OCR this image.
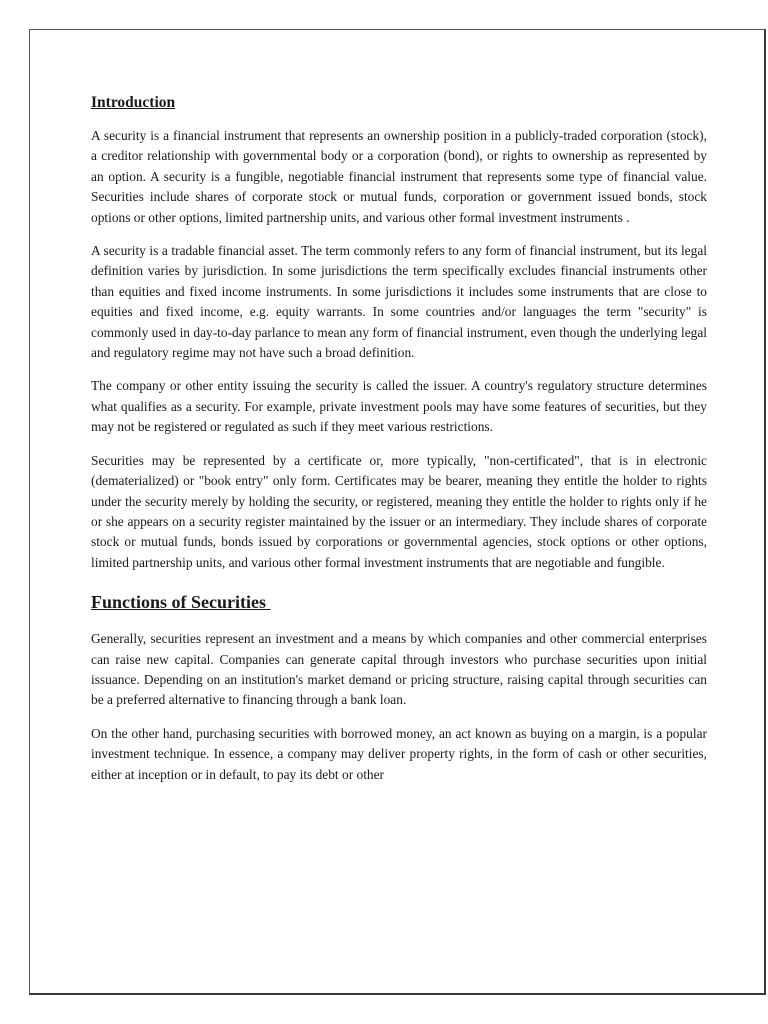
Introduction

A security is a financial instrument that represents an ownership position in a publicly-traded corporation (stock), a creditor relationship with governmental body or a corporation (bond), or rights to ownership as represented by an option. A security is a fungible, negotiable financial instrument that represents some type of financial value. Securities include shares of corporate stock or mutual funds, corporation or government issued bonds, stock options or other options, limited partnership units, and various other formal investment instruments .

A security is a tradable financial asset. The term commonly refers to any form of financial instrument, but its legal definition varies by jurisdiction. In some jurisdictions the term specifically excludes financial instruments other than equities and fixed income instruments. In some jurisdictions it includes some instruments that are close to equities and fixed income, e.g. equity warrants. In some countries and/or languages the term "security" is commonly used in day-to-day parlance to mean any form of financial instrument, even though the underlying legal and regulatory regime may not have such a broad definition.

The company or other entity issuing the security is called the issuer. A country's regulatory structure determines what qualifies as a security. For example, private investment pools may have some features of securities, but they may not be registered or regulated as such if they meet various restrictions.

Securities may be represented by a certificate or, more typically, "non-certificated", that is in electronic (dematerialized) or "book entry" only form. Certificates may be bearer, meaning they entitle the holder to rights under the security merely by holding the security, or registered, meaning they entitle the holder to rights only if he or she appears on a security register maintained by the issuer or an intermediary. They include shares of corporate stock or mutual funds, bonds issued by corporations or governmental agencies, stock options or other options, limited partnership units, and various other formal investment instruments that are negotiable and fungible.

Functions of Securities

Generally, securities represent an investment and a means by which companies and other commercial enterprises can raise new capital. Companies can generate capital through investors who purchase securities upon initial issuance. Depending on an institution's market demand or pricing structure, raising capital through securities can be a preferred alternative to financing through a bank loan.

On the other hand, purchasing securities with borrowed money, an act known as buying on a margin, is a popular investment technique. In essence, a company may deliver property rights, in the form of cash or other securities, either at inception or in default, to pay its debt or other
